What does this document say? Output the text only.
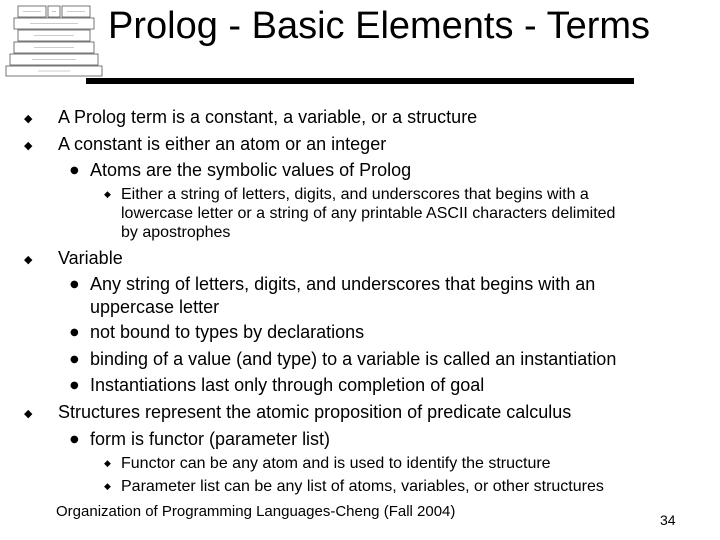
Prolog - Basic Elements - Terms
◆ A Prolog term is a constant, a variable, or a structure
◆ A constant is either an atom or an integer
● Atoms are the symbolic values of Prolog
◆ Either a string of letters, digits, and underscores that begins with a
lowercase letter or a string of any printable ASCII characters delimited
by apostrophes
◆ Variable
● Any string of letters, digits, and underscores that begins with an
uppercase letter
● not bound to types by declarations
● binding of a value (and type) to a variable is called an instantiation
● Instantiations last only through completion of goal
◆ Structures represent the atomic proposition of predicate calculus
● form is functor (parameter list)
◆ Functor can be any atom and is used to identify the structure
◆ Parameter list can be any list of atoms, variables, or other structures
Organization of Programming Languages-Cheng (Fall 2004)	34
